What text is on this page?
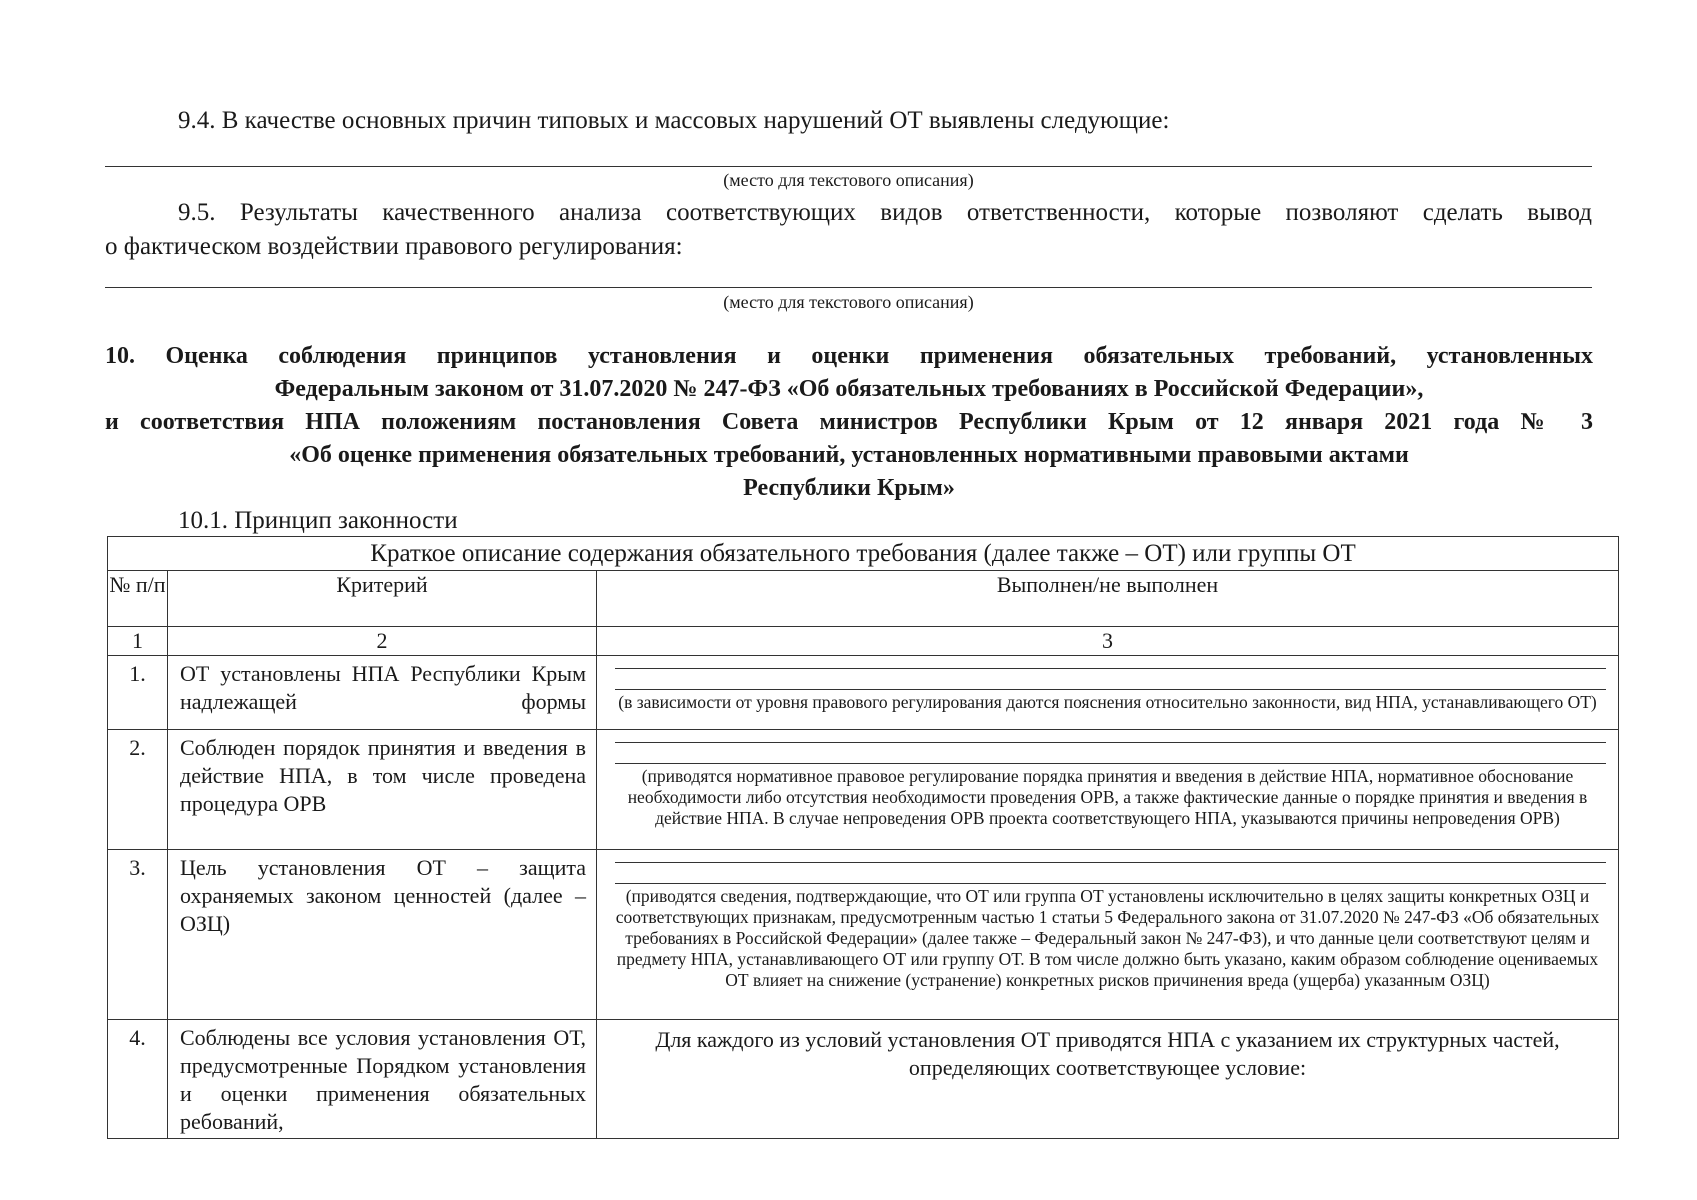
9.4. В качестве основных причин типовых и массовых нарушений ОТ выявлены следующие:
(место для текстового описания)
9.5. Результаты качественного анализа соответствующих видов ответственности, которые позволяют сделать вывод
о фактическом воздействии правового регулирования:
(место для текстового описания)
10. Оценка соблюдения принципов установления и оценки применения обязательных требований, установленных
Федеральным законом от 31.07.2020 № 247-ФЗ «Об обязательных требованиях в Российской Федерации»,
и соответствия НПА положениям постановления Совета министров Республики Крым от 12 января 2021 года № 3
«Об оценке применения обязательных требований, установленных нормативными правовыми актами
Республики Крым»
10.1. Принцип законности
Краткое описание содержания обязательного требования (далее также – ОТ) или группы ОТ		
№ п/п	Критерий	Выполнен/не выполнен
1	2	3
1.	ОТ установлены НПА Республики Крым надлежащей формы	(в зависимости от уровня правового регулирования даются пояснения относительно законности, вид НПА, устанавливающего ОТ)

2.	Соблюден порядок принятия и введения в действие НПА, в том числе проведена процедура ОРВ	(приводятся нормативное правовое регулирование порядка принятия и введения в действие НПА, нормативное обоснование необходимости либо отсутствия необходимости проведения ОРВ, а также фактические данные о порядке принятия и введения в действие НПА. В случае непроведения ОРВ проекта соответствующего НПА, указываются причины непроведения ОРВ)

3.	Цель установления ОТ – защита охраняемых законом ценностей (далее – ОЗЦ)	(приводятся сведения, подтверждающие, что ОТ или группа ОТ установлены исключительно в целях защиты конкретных ОЗЦ и соответствующих признакам, предусмотренным частью 1 статьи 5 Федерального закона от 31.07.2020 № 247-ФЗ «Об обязательных требованиях в Российской Федерации» (далее также – Федеральный закон № 247-ФЗ), и что данные цели соответствуют целям и предмету НПА, устанавливающего ОТ или группу ОТ. В том числе должно быть указано, каким образом соблюдение оцениваемых ОТ влияет на снижение (устранение) конкретных рисков причинения вреда (ущерба) указанным ОЗЦ)

4.	Соблюдены все условия установления ОТ, предусмотренные Порядком установления и оценки применения обязательных ребований,	Для каждого из условий установления ОТ приводятся НПА с указанием их структурных частей, определяющих соответствующее условие:
